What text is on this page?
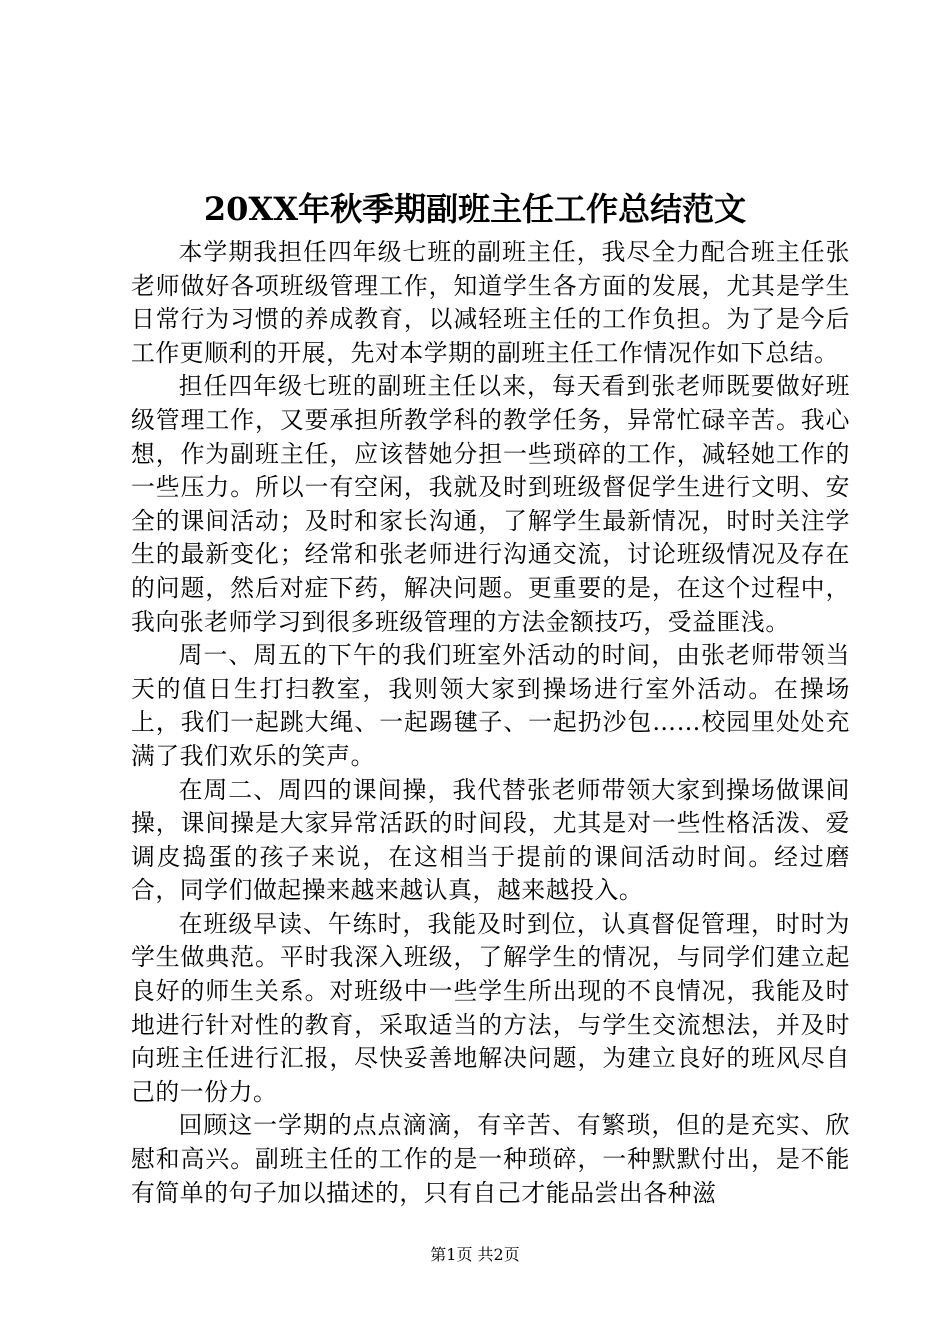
20XX年秋季期副班主任工作总结范文

本学期我担任四年级七班的副班主任，我尽全力配合班主任张老师做好各项班级管理工作，知道学生各方面的发展，尤其是学生日常行为习惯的养成教育，以减轻班主任的工作负担。为了是今后工作更顺利的开展，先对本学期的副班主任工作情况作如下总结。

担任四年级七班的副班主任以来，每天看到张老师既要做好班级管理工作，又要承担所教学科的教学任务，异常忙碌辛苦。我心想，作为副班主任，应该替她分担一些琐碎的工作，减轻她工作的一些压力。所以一有空闲，我就及时到班级督促学生进行文明、安全的课间活动；及时和家长沟通，了解学生最新情况，时时关注学生的最新变化；经常和张老师进行沟通交流，讨论班级情况及存在的问题，然后对症下药，解决问题。更重要的是，在这个过程中，我向张老师学习到很多班级管理的方法金额技巧，受益匪浅。

周一、周五的下午的我们班室外活动的时间，由张老师带领当天的值日生打扫教室，我则领大家到操场进行室外活动。在操场上，我们一起跳大绳、一起踢毽子、一起扔沙包……校园里处处充满了我们欢乐的笑声。

在周二、周四的课间操，我代替张老师带领大家到操场做课间操，课间操是大家异常活跃的时间段，尤其是对一些性格活泼、爱调皮捣蛋的孩子来说，在这相当于提前的课间活动时间。经过磨合，同学们做起操来越来越认真，越来越投入。

在班级早读、午练时，我能及时到位，认真督促管理，时时为学生做典范。平时我深入班级，了解学生的情况，与同学们建立起良好的师生关系。对班级中一些学生所出现的不良情况，我能及时地进行针对性的教育，采取适当的方法，与学生交流想法，并及时向班主任进行汇报，尽快妥善地解决问题，为建立良好的班风尽自己的一份力。

回顾这一学期的点点滴滴，有辛苦、有繁琐，但的是充实、欣慰和高兴。副班主任的工作的是一种琐碎，一种默默付出，是不能有简单的句子加以描述的，只有自己才能品尝出各种滋

第1页 共2页
